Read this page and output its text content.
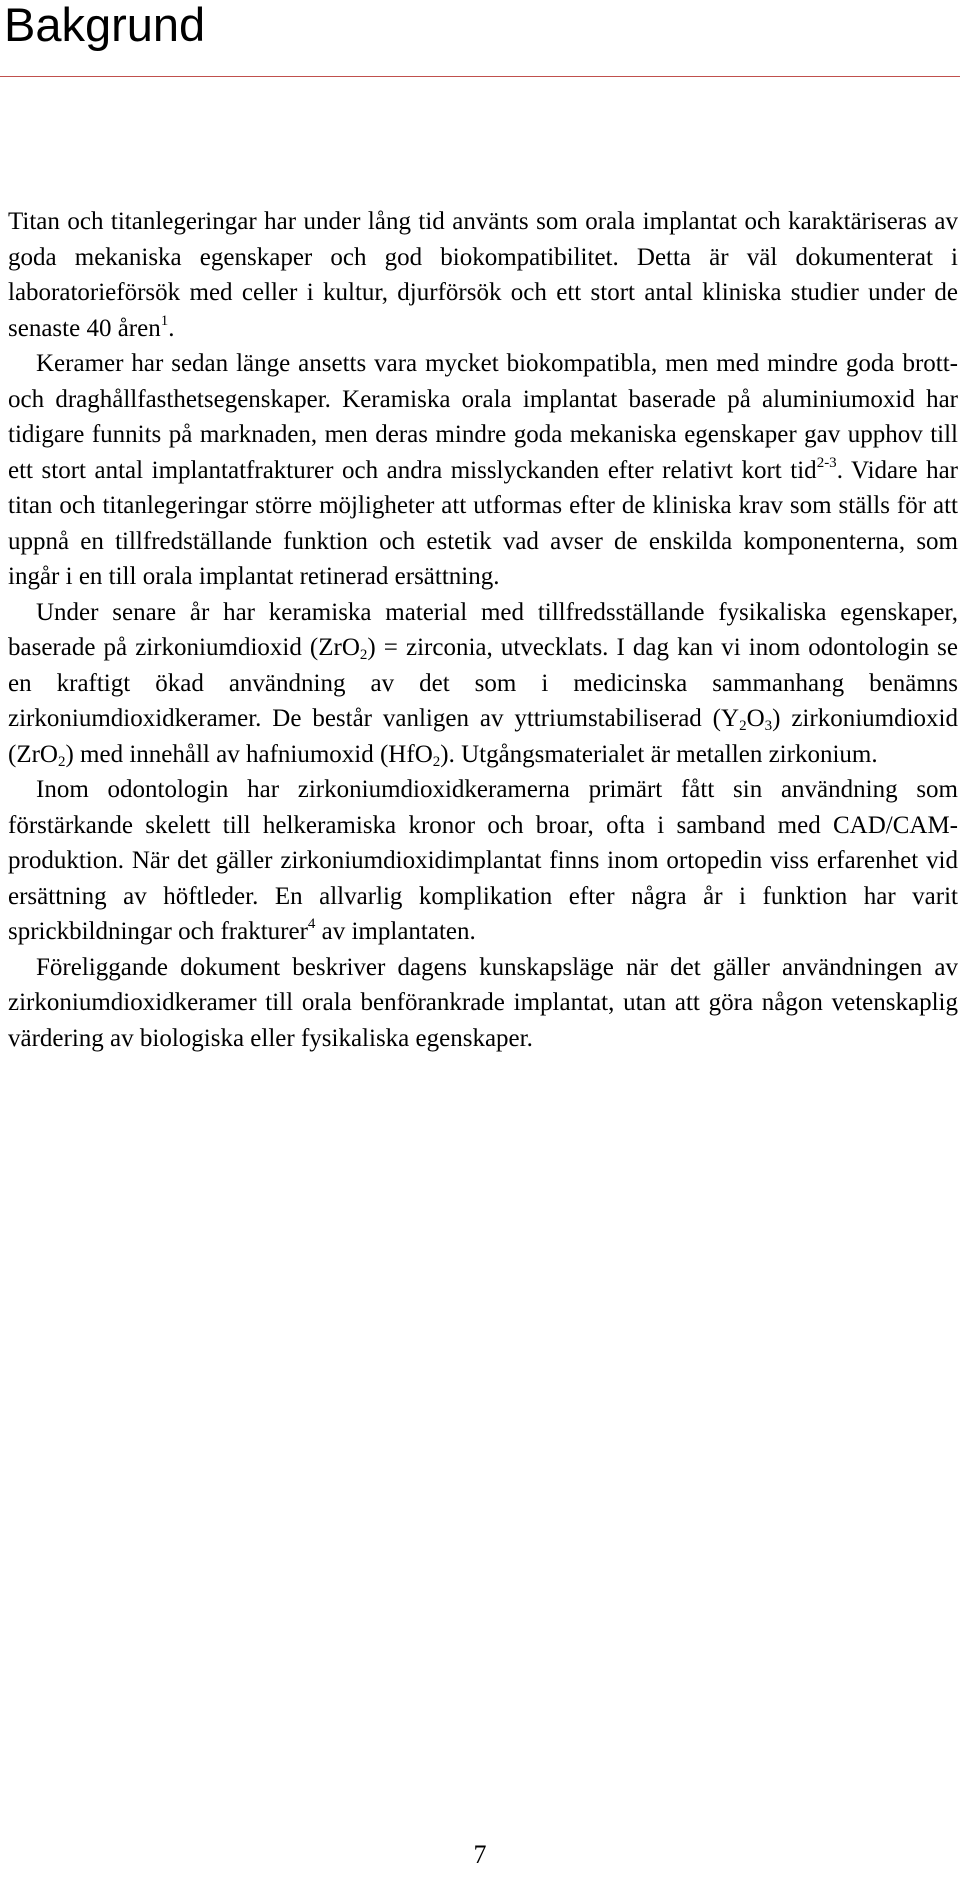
Bakgrund

Titan och titanlegeringar har under lång tid använts som orala implantat och karaktäriseras av goda mekaniska egenskaper och god biokompatibilitet. Detta är väl dokumenterat i laboratorieförsök med celler i kultur, djurförsök och ett stort antal kliniska studier under de senaste 40 åren$^1$.

Keramer har sedan länge ansetts vara mycket biokompatibla, men med mindre goda brott- och draghållfasthetsegenskaper. Keramiska orala implantat baserade på aluminiumoxid har tidigare funnits på marknaden, men deras mindre goda mekaniska egenskaper gav upphov till ett stort antal implantatfrakturer och andra misslyckanden efter relativt kort tid$^{2-3}$. Vidare har titan och titanlegeringar större möjligheter att utformas efter de kliniska krav som ställs för att uppnå en tillfredställande funktion och estetik vad avser de enskilda komponenterna, som ingår i en till orala implantat retinerad ersättning.

Under senare år har keramiska material med tillfredsställande fysikaliska egenskaper, baserade på zirkoniumdioxid (ZrO$_2$) = zirconia, utvecklats. I dag kan vi inom odontologin se en kraftigt ökad användning av det som i medicinska sammanhang benämns zirkoniumdioxidkeramer. De består vanligen av yttriumstabiliserad $(Y_2O_3)$ zirkoniumdioxid (ZrO$_2$) med innehåll av hafniumoxid (HfO$_2$). Utgångsmaterialet är metallen zirkonium.

Inom odontologin har zirkoniumdioxidkeramerna primärt fått sin användning som förstärkande skelett till helkeramiska kronor och broar, ofta i samband med CAD/CAM-produktion. När det gäller zirkoniumdioxidimplantat finns inom ortopedin viss erfarenhet vid ersättning av höftleder. En allvarlig komplikation efter några år i funktion har varit sprickbildningar och frakturer$^4$ av implantaten.

Föreliggande dokument beskriver dagens kunskapsläge när det gäller användningen av zirkoniumdioxidkeramer till orala benförankrade implantat, utan att göra någon vetenskaplig värdering av biologiska eller fysikaliska egenskaper.

7
